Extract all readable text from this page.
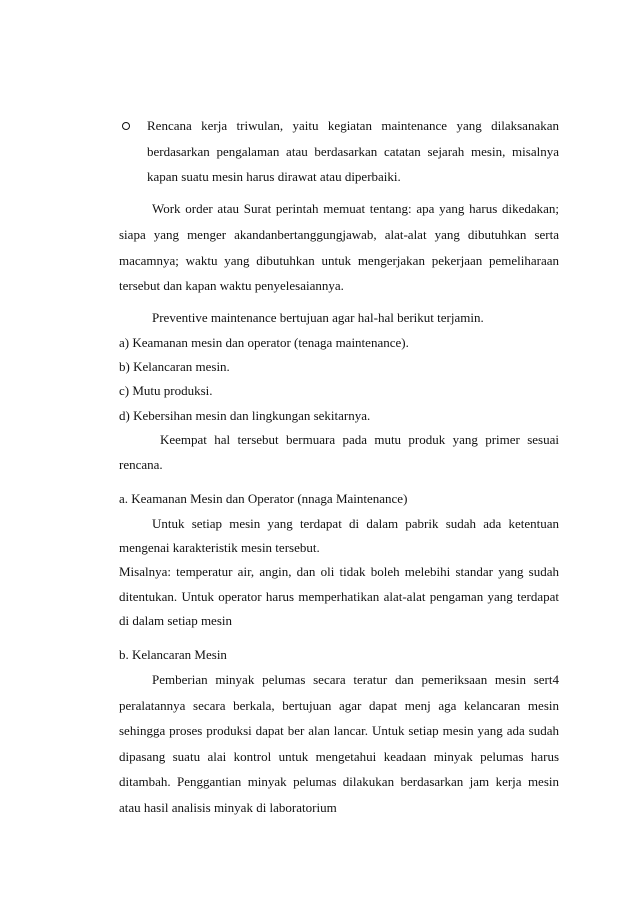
Rencana kerja triwulan, yaitu kegiatan maintenance yang dilaksanakan
berdasarkan pengalaman atau berdasarkan catatan sejarah mesin, misalnya
kapan suatu mesin harus dirawat atau diperbaiki.
Work order atau Surat perintah memuat tentang: apa yang harus dikedakan;
siapa yang menger akandanbertanggungjawab, alat-alat yang dibutuhkan serta
macamnya; waktu yang dibutuhkan untuk mengerjakan pekerjaan pemeliharaan
tersebut dan kapan waktu penyelesaiannya.
Preventive maintenance bertujuan agar hal-hal berikut terjamin.
a) Keamanan mesin dan operator (tenaga maintenance).
b) Kelancaran mesin.
c) Mutu produksi.
d) Kebersihan mesin dan lingkungan sekitarnya.
Keempat hal tersebut bermuara pada mutu produk yang primer sesuai
rencana.
a. Keamanan Mesin dan Operator (nnaga Maintenance)
Untuk setiap mesin yang terdapat di dalam pabrik sudah ada ketentuan
mengenai karakteristik mesin tersebut.
Misalnya: temperatur air, angin, dan oli tidak boleh melebihi standar yang sudah
ditentukan. Untuk operator harus memperhatikan alat-alat pengaman yang terdapat
di dalam setiap mesin
b. Kelancaran Mesin
Pemberian minyak pelumas secara teratur dan pemeriksaan mesin sert4
peralatannya secara berkala, bertujuan agar dapat menj aga kelancaran mesin
sehingga proses produksi dapat ber alan lancar. Untuk setiap mesin yang ada sudah
dipasang suatu alai kontrol untuk mengetahui keadaan minyak pelumas harus
ditambah. Penggantian minyak pelumas dilakukan berdasarkan jam kerja mesin
atau hasil analisis minyak di laboratorium
